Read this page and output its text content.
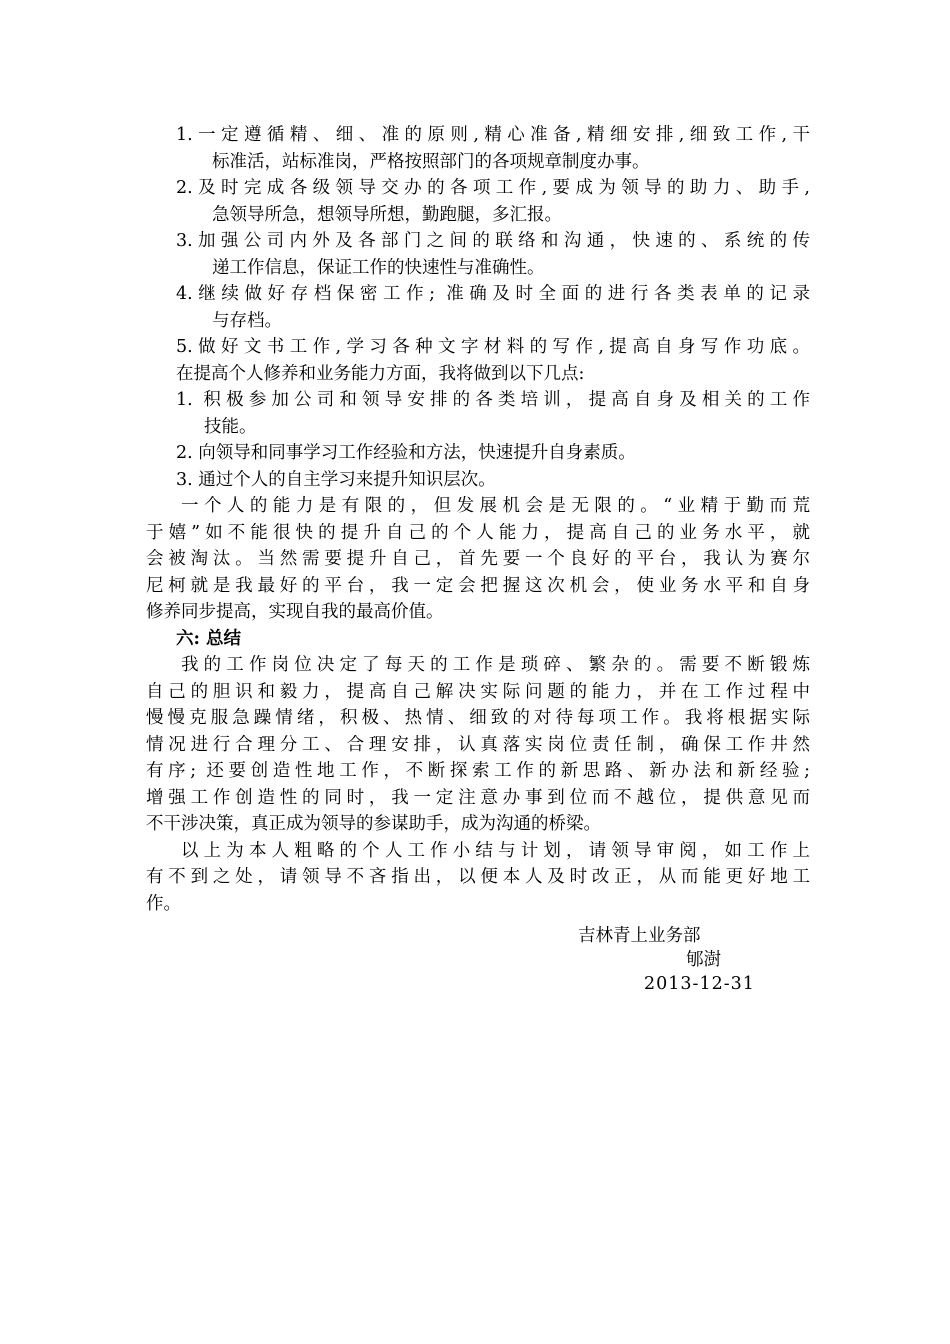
1.一定遵循精、细、准的原则,精心准备,精细安排,细致工作,干
标准活，站标准岗，严格按照部门的各项规章制度办事。
2.及时完成各级领导交办的各项工作,要成为领导的助力、助手,
急领导所急，想领导所想，勤跑腿，多汇报。
3.加强公司内外及各部门之间的联络和沟通，快速的、系统的传
递工作信息，保证工作的快速性与准确性。
4.继续做好存档保密工作; 准确及时全面的进行各类表单的记录
与存档。
5.做好文书工作,学习各种文字材料的写作,提高自身写作功底。
在提高个人修养和业务能力方面，我将做到以下几点:
1. 积极参加公司和领导安排的各类培训，提高自身及相关的工作
技能。
2. 向领导和同事学习工作经验和方法，快速提升自身素质。
3. 通过个人的自主学习来提升知识层次。
一个人的能力是有限的，但发展机会是无限的。“业精于勤而荒
于嬉”如不能很快的提升自己的个人能力，提高自己的业务水平，就
会被淘汰。当然需要提升自己，首先要一个良好的平台，我认为赛尔
尼柯就是我最好的平台，我一定会把握这次机会，使业务水平和自身
修养同步提高，实现自我的最高价值。
六: 总结
我的工作岗位决定了每天的工作是琐碎、繁杂的。需要不断锻炼
自己的胆识和毅力，提高自己解决实际问题的能力，并在工作过程中
慢慢克服急躁情绪，积极、热情、细致的对待每项工作。我将根据实际
情况进行合理分工、合理安排，认真落实岗位责任制，确保工作井然
有序; 还要创造性地工作，不断探索工作的新思路、新办法和新经验;
增强工作创造性的同时，我一定注意办事到位而不越位，提供意见而
不干涉决策，真正成为领导的参谋助手，成为沟通的桥梁。
以上为本人粗略的个人工作小结与计划，请领导审阅，如工作上
有不到之处，请领导不吝指出，以便本人及时改正，从而能更好地工
作。
吉林青上业务部
郇澍
2013-12-31
